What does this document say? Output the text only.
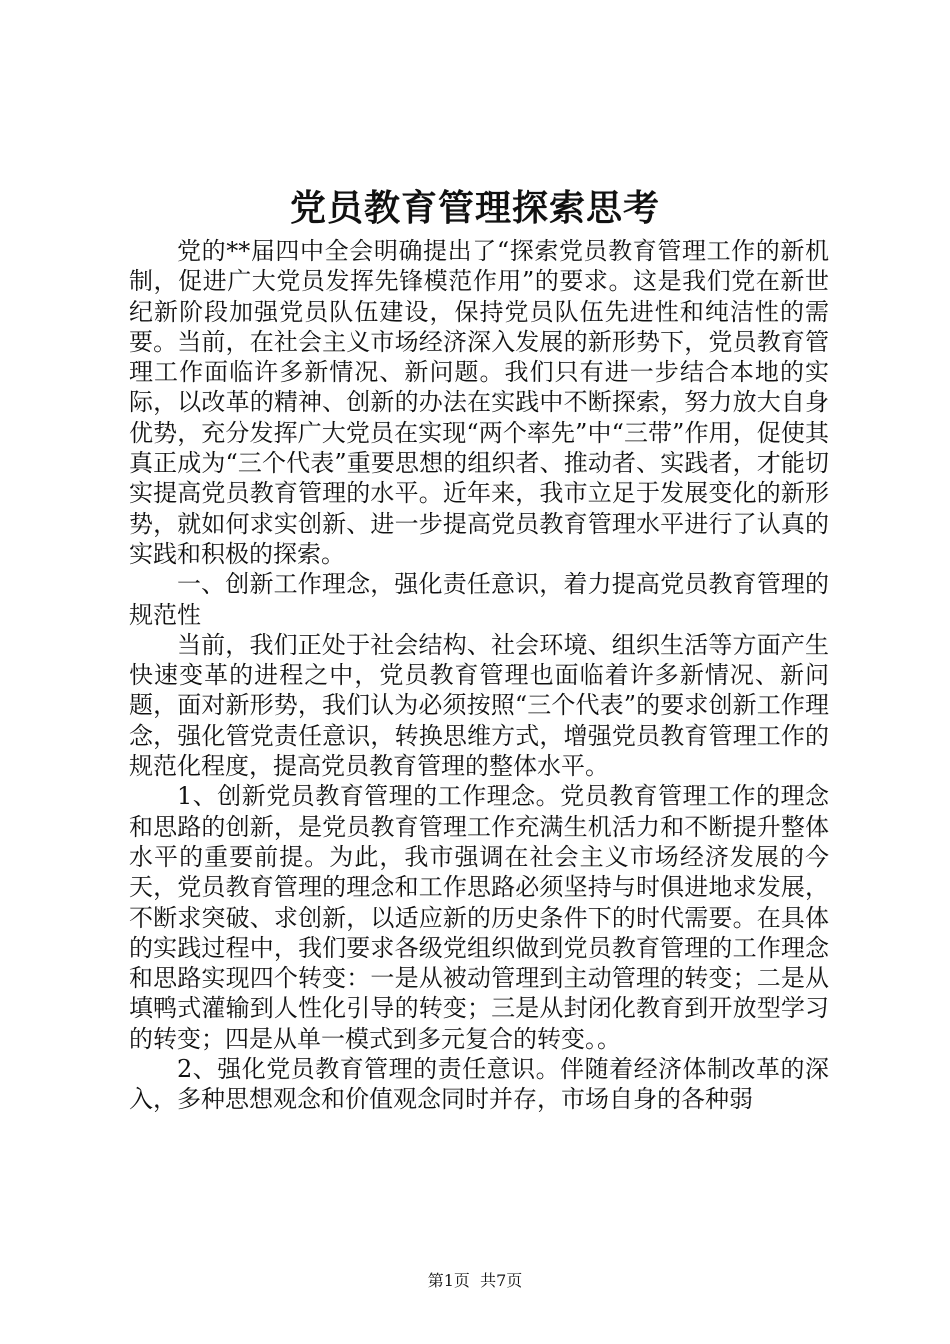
党员教育管理探索思考

党的**届四中全会明确提出了“探索党员教育管理工作的新机制，促进广大党员发挥先锋模范作用”的要求。这是我们党在新世纪新阶段加强党员队伍建设，保持党员队伍先进性和纯洁性的需要。当前，在社会主义市场经济深入发展的新形势下，党员教育管理工作面临许多新情况、新问题。我们只有进一步结合本地的实际，以改革的精神、创新的办法在实践中不断探索，努力放大自身优势，充分发挥广大党员在实现“两个率先”中“三带”作用，促使其真正成为“三个代表”重要思想的组织者、推动者、实践者，才能切实提高党员教育管理的水平。近年来，我市立足于发展变化的新形势，就如何求实创新、进一步提高党员教育管理水平进行了认真的实践和积极的探索。

一、创新工作理念，强化责任意识，着力提高党员教育管理的规范性

当前，我们正处于社会结构、社会环境、组织生活等方面产生快速变革的进程之中，党员教育管理也面临着许多新情况、新问题，面对新形势，我们认为必须按照“三个代表”的要求创新工作理念，强化管党责任意识，转换思维方式，增强党员教育管理工作的规范化程度，提高党员教育管理的整体水平。

1、创新党员教育管理的工作理念。党员教育管理工作的理念和思路的创新，是党员教育管理工作充满生机活力和不断提升整体水平的重要前提。为此，我市强调在社会主义市场经济发展的今天，党员教育管理的理念和工作思路必须坚持与时俱进地求发展，不断求突破、求创新，以适应新的历史条件下的时代需要。在具体的实践过程中，我们要求各级党组织做到党员教育管理的工作理念和思路实现四个转变：一是从被动管理到主动管理的转变；二是从填鸭式灌输到人性化引导的转变；三是从封闭化教育到开放型学习的转变；四是从单一模式到多元复合的转变。。

2、强化党员教育管理的责任意识。伴随着经济体制改革的深入，多种思想观念和价值观念同时并存，市场自身的各种弱

第1页  共7页
